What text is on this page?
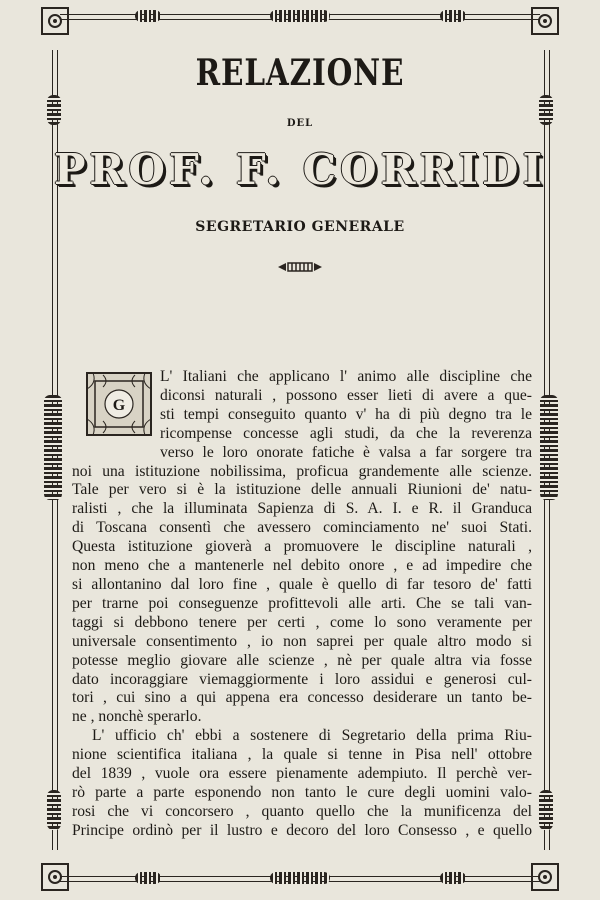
RELAZIONE
DEL
PROF. F. CORRIDI
SEGRETARIO GENERALE
G
L' Italiani che applicano l' animo alle discipline che
diconsi naturali , possono esser lieti di avere a que-
sti tempi conseguito quanto v' ha di più degno tra le
ricompense concesse agli studi, da che la reverenza
verso le loro onorate fatiche è valsa a far sorgere tra
noi una istituzione nobilissima, proficua grandemente alle scienze.
Tale per vero si è la istituzione delle annuali Riunioni de' natu-
ralisti , che la illuminata Sapienza di S. A. I. e R. il Granduca
di Toscana consentì che avessero cominciamento ne' suoi Stati.
Questa istituzione gioverà a promuovere le discipline naturali ,
non meno che a mantenerle nel debito onore , e ad impedire che
si allontanino dal loro fine , quale è quello di far tesoro de' fatti
per trarne poi conseguenze profittevoli alle arti. Che se tali van-
taggi si debbono tenere per certi , come lo sono veramente per
universale consentimento , io non saprei per quale altro modo si
potesse meglio giovare alle scienze , nè per quale altra via fosse
dato incoraggiare viemaggiormente i loro assidui e generosi cul-
tori , cui sino a qui appena era concesso desiderare un tanto be-
ne , nonchè sperarlo.
L' ufficio ch' ebbi a sostenere di Segretario della prima Riu-
nione scientifica italiana , la quale si tenne in Pisa nell' ottobre
del 1839 , vuole ora essere pienamente adempiuto. Il perchè ver-
rò parte a parte esponendo non tanto le cure degli uomini valo-
rosi che vi concorsero , quanto quello che la munificenza del
Principe ordinò per il lustro e decoro del loro Consesso , e quello
